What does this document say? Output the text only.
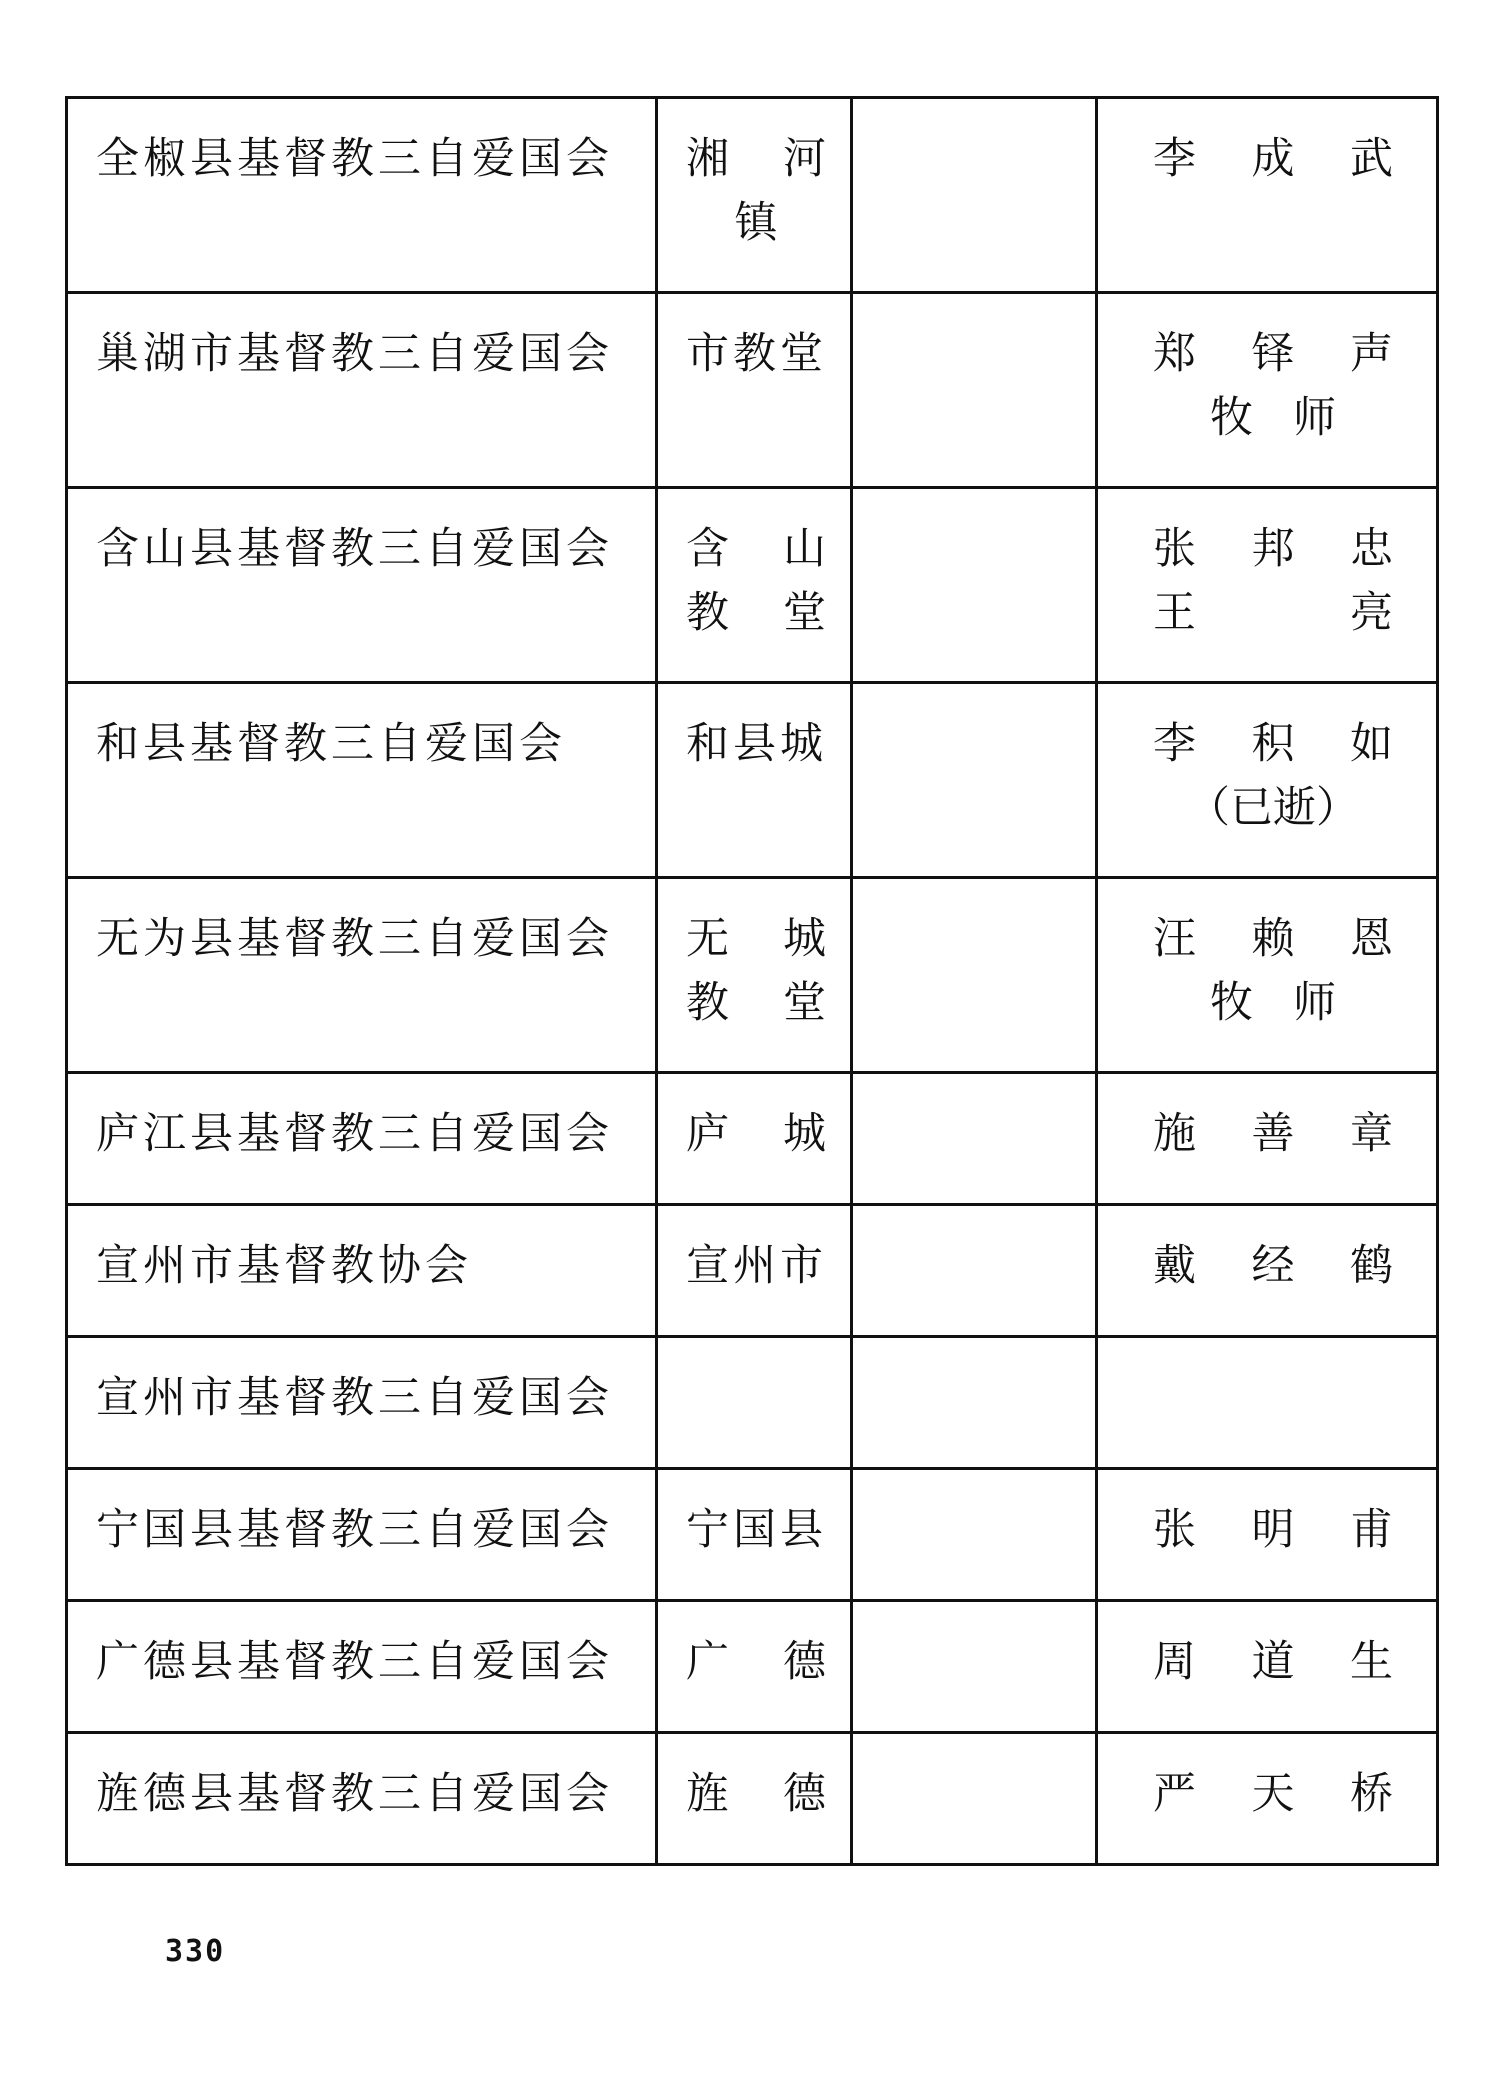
全椒县基督教三自爱国会	湘 河
镇		李 成 武

巢湖市基督教三自爱国会	市教堂		郑 铎 声
牧 师

含山县基督教三自爱国会	含 山
教 堂		张 邦 忠
王 亮

和县基督教三自爱国会	和县城		李 积 如
（已逝）

无为县基督教三自爱国会	无 城
教 堂		汪 赖 恩
牧 师

庐江县基督教三自爱国会	庐 城		施 善 章

宣州市基督教协会	宣州市		戴 经 鹤

宣州市基督教三自爱国会	

宁国县基督教三自爱国会	宁国县		张 明 甫

广德县基督教三自爱国会	广 德		周 道 生

旌德县基督教三自爱国会	旌 德		严 天 桥
330
